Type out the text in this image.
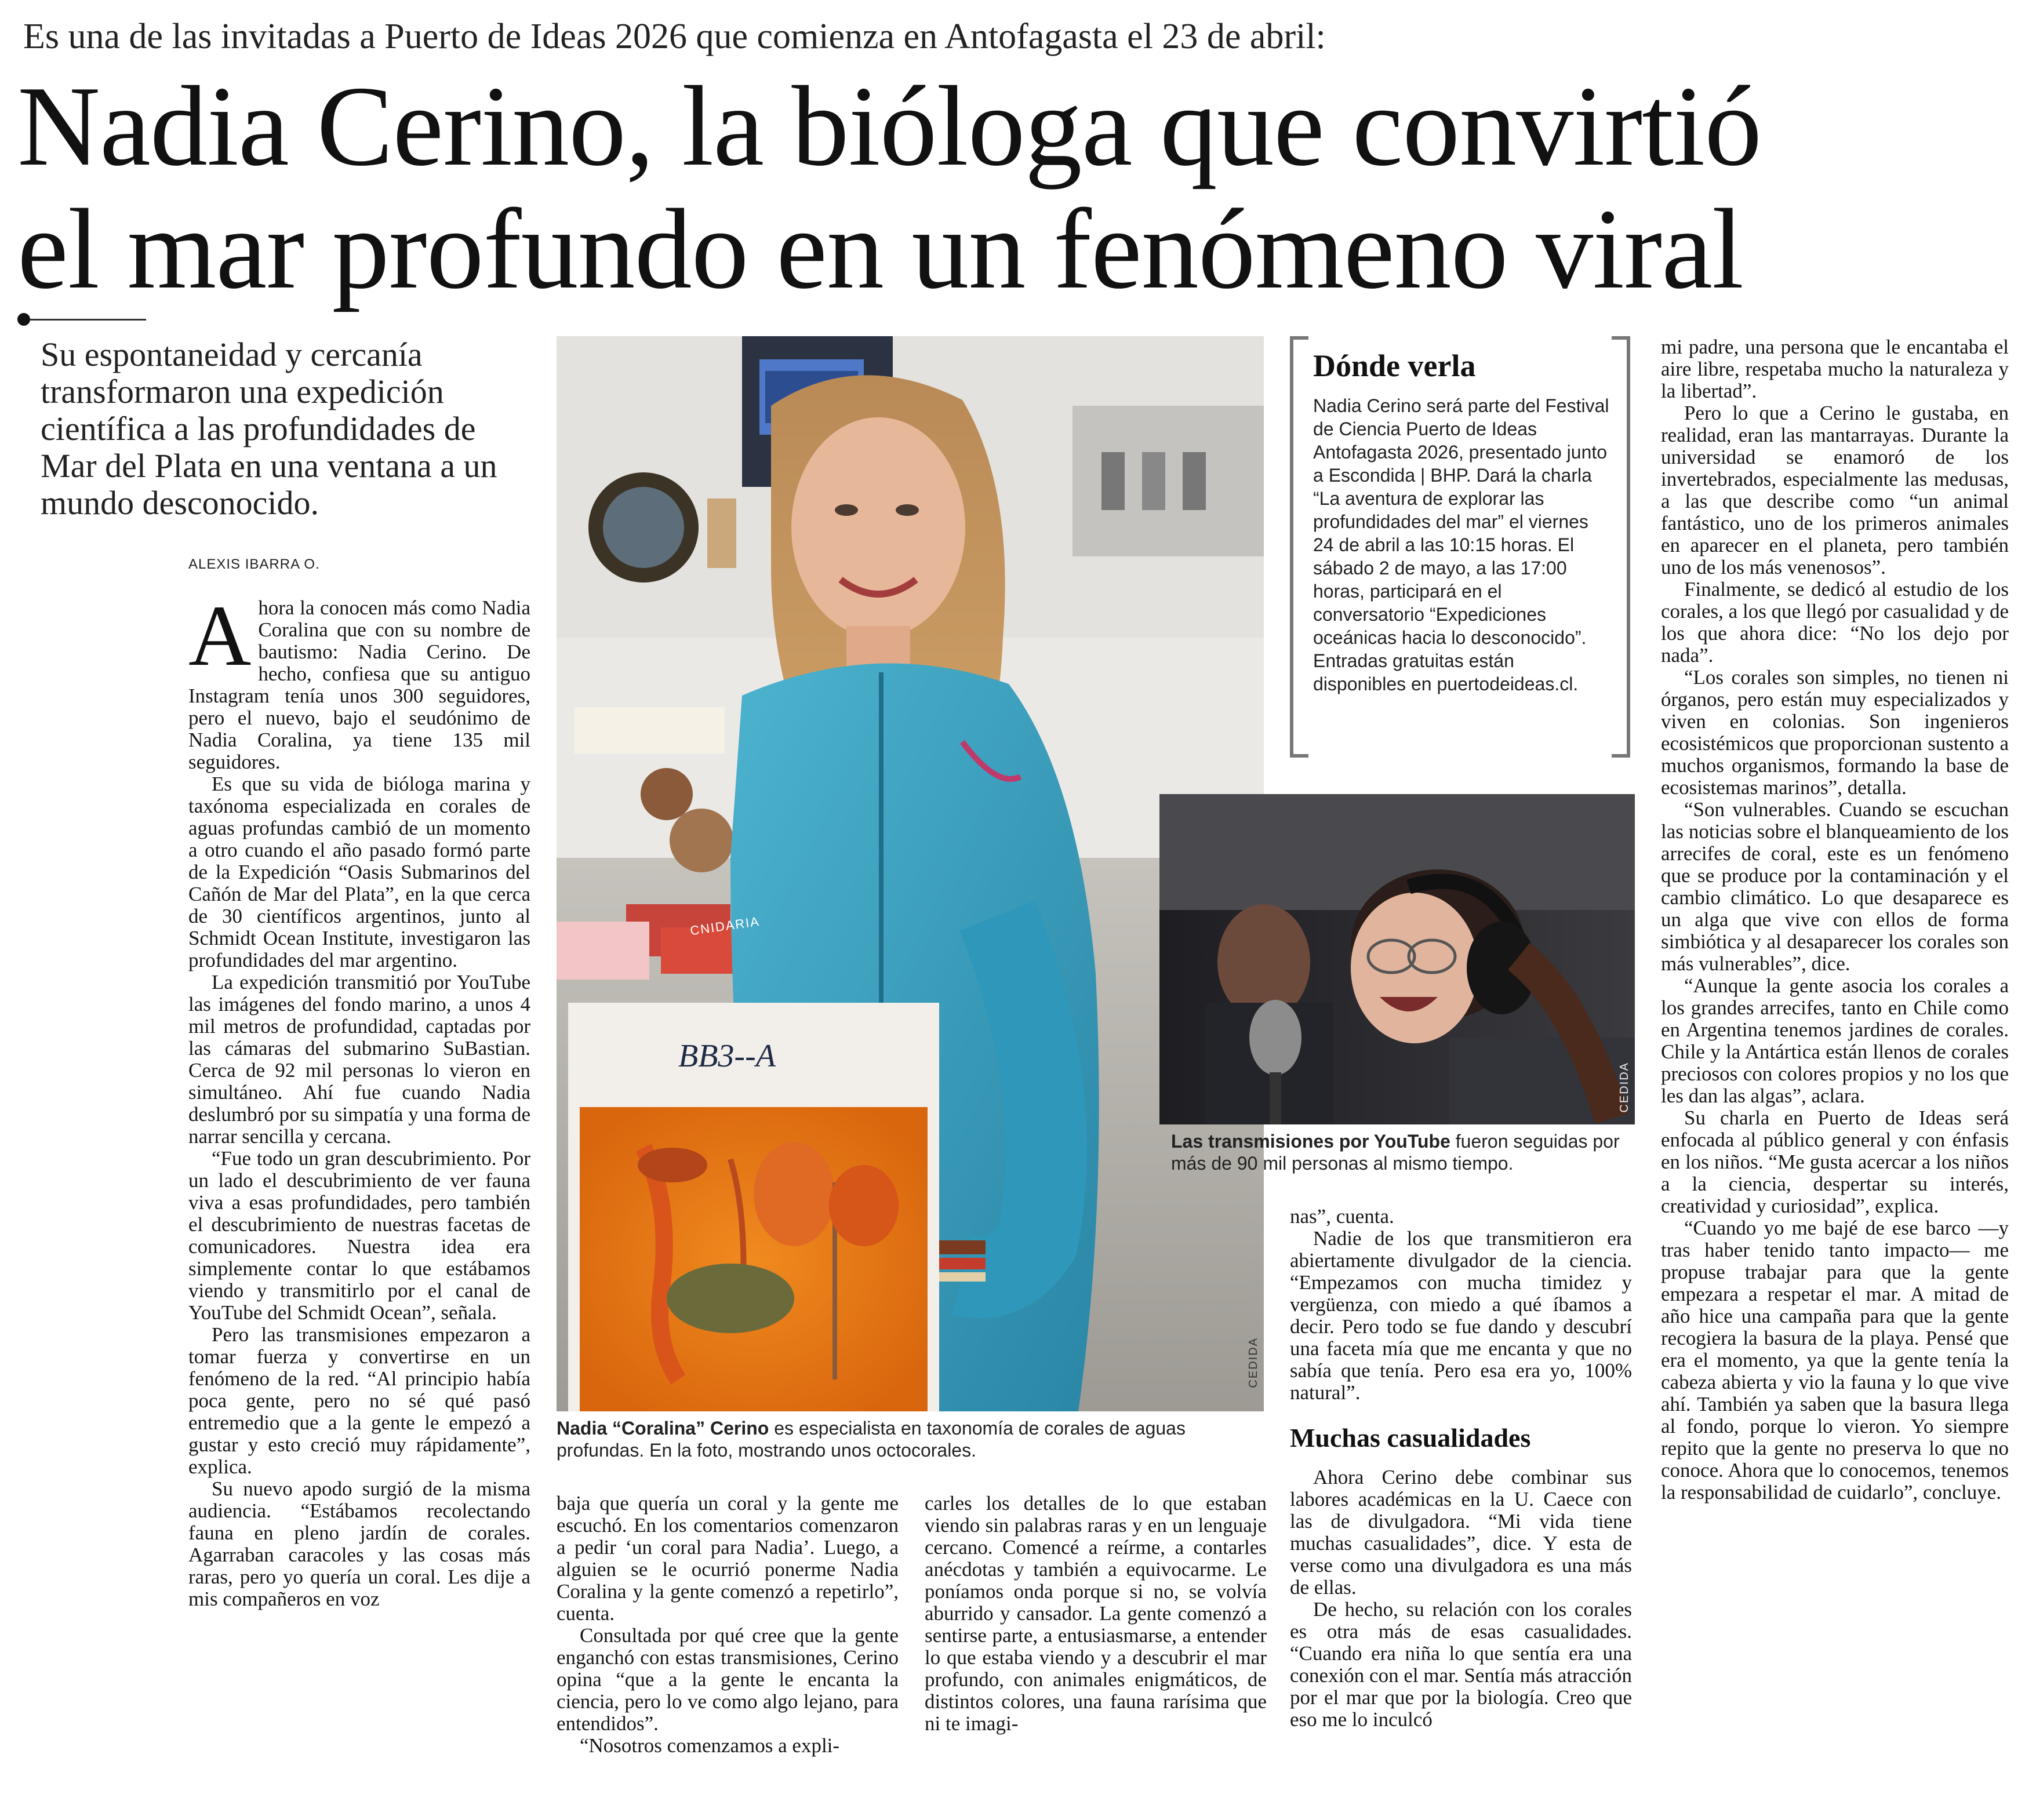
Es una de las invitadas a Puerto de Ideas 2026 que comienza en Antofagasta el 23 de abril:
Nadia Cerino, la bióloga que convirtió
el mar profundo en un fenómeno viral
Su espontaneidad y cercanía transformaron una expedición científica a las profundidades de Mar del Plata en una ventana a un mundo desconocido.
ALEXIS IBARRA O.

Ahora la conocen más como Nadia Coralina que con su nombre de bautismo: Nadia Cerino. De hecho, confiesa que su antiguo Instagram tenía unos 300 seguidores, pero el nuevo, bajo el seudónimo de Nadia Coralina, ya tiene 135 mil seguidores.

Es que su vida de bióloga marina y taxónoma especializada en corales de aguas profundas cambió de un momento a otro cuando el año pasado formó parte de la Expedición “Oasis Submarinos del Cañón de Mar del Plata”, en la que cerca de 30 científicos argentinos, junto al Schmidt Ocean Institute, investigaron las profundidades del mar argentino.

La expedición transmitió por YouTube las imágenes del fondo marino, a unos 4 mil metros de profundidad, captadas por las cámaras del submarino SuBastian. Cerca de 92 mil personas lo vieron en simultáneo. Ahí fue cuando Nadia deslumbró por su simpatía y una forma de narrar sencilla y cercana.

“Fue todo un gran descubrimiento. Por un lado el descubrimiento de ver fauna viva a esas profundidades, pero también el descubrimiento de nuestras facetas de comunicadores. Nuestra idea era simplemente contar lo que estábamos viendo y transmitirlo por el canal de YouTube del Schmidt Ocean”, señala.

Pero las transmisiones empezaron a tomar fuerza y convertirse en un fenómeno de la red. “Al principio había poca gente, pero no sé qué pasó entremedio que a la gente le empezó a gustar y esto creció muy rápidamente”, explica.

Su nuevo apodo surgió de la misma audiencia. “Estábamos recolectando fauna en pleno jardín de corales. Agarraban caracoles y las cosas más raras, pero yo quería un coral. Les dije a mis compañeros en voz

BB3--A
CNIDARIA
CEDIDA
Nadia “Coralina” Cerino es especialista en taxonomía de corales de aguas profundas. En la foto, mostrando unos octocorales.
Dónde verla
Nadia Cerino será parte del Festival de Ciencia Puerto de Ideas Antofagasta 2026, presentado junto a Escondida | BHP. Dará la charla “La aventura de explorar las profundidades del mar” el viernes 24 de abril a las 10:15 horas. El sábado 2 de mayo, a las 17:00 horas, participará en el conversatorio “Expediciones oceánicas hacia lo desconocido”. Entradas gratuitas están disponibles en puertodeideas.cl.
CEDIDA
Las transmisiones por YouTube fueron seguidas por más de 90 mil personas al mismo tiempo.

baja que quería un coral y la gente me escuchó. En los comentarios comenzaron a pedir ‘un coral para Nadia’. Luego, a alguien se le ocurrió ponerme Nadia Coralina y la gente comenzó a repetirlo”, cuenta.

Consultada por qué cree que la gente enganchó con estas transmisiones, Cerino opina “que a la gente le encanta la ciencia, pero lo ve como algo lejano, para entendidos”.

“Nosotros comenzamos a expli-

carles los detalles de lo que estaban viendo sin palabras raras y en un lenguaje cercano. Comencé a reírme, a contarles anécdotas y también a equivocarme. Le poníamos onda porque si no, se volvía aburrido y cansador. La gente comenzó a sentirse parte, a entusiasmarse, a entender lo que estaba viendo y a descubrir el mar profundo, con animales enigmáticos, de distintos colores, una fauna rarísima que ni te imagi-

nas”, cuenta.

Nadie de los que transmitieron era abiertamente divulgador de la ciencia. “Empezamos con mucha timidez y vergüenza, con miedo a qué íbamos a decir. Pero todo se fue dando y descubrí una faceta mía que me encanta y que no sabía que tenía. Pero esa era yo, 100% natural”.

Muchas casualidades

Ahora Cerino debe combinar sus labores académicas en la U. Caece con las de divulgadora. “Mi vida tiene muchas casualidades”, dice. Y esta de verse como una divulgadora es una más de ellas.

De hecho, su relación con los corales es otra más de esas casualidades. “Cuando era niña lo que sentía era una conexión con el mar. Sentía más atracción por el mar que por la biología. Creo que eso me lo inculcó

mi padre, una persona que le encantaba el aire libre, respetaba mucho la naturaleza y la libertad”.

Pero lo que a Cerino le gustaba, en realidad, eran las mantarrayas. Durante la universidad se enamoró de los invertebrados, especialmente las medusas, a las que describe como “un animal fantástico, uno de los primeros animales en aparecer en el planeta, pero también uno de los más venenosos”.

Finalmente, se dedicó al estudio de los corales, a los que llegó por casualidad y de los que ahora dice: “No los dejo por nada”.

“Los corales son simples, no tienen ni órganos, pero están muy especializados y viven en colonias. Son ingenieros ecosistémicos que proporcionan sustento a muchos organismos, formando la base de ecosistemas marinos”, detalla.

“Son vulnerables. Cuando se escuchan las noticias sobre el blanqueamiento de los arrecifes de coral, este es un fenómeno que se produce por la contaminación y el cambio climático. Lo que desaparece es un alga que vive con ellos de forma simbiótica y al desaparecer los corales son más vulnerables”, dice.

“Aunque la gente asocia los corales a los grandes arrecifes, tanto en Chile como en Argentina tenemos jardines de corales. Chile y la Antártica están llenos de corales preciosos con colores propios y no los que les dan las algas”, aclara.

Su charla en Puerto de Ideas será enfocada al público general y con énfasis en los niños. “Me gusta acercar a los niños a la ciencia, despertar su interés, creatividad y curiosidad”, explica.

“Cuando yo me bajé de ese barco —y tras haber tenido tanto impacto— me propuse trabajar para que la gente empezara a respetar el mar. A mitad de año hice una campaña para que la gente recogiera la basura de la playa. Pensé que era el momento, ya que la gente tenía la cabeza abierta y vio la fauna y lo que vive ahí. También ya saben que la basura llega al fondo, porque lo vieron. Yo siempre repito que la gente no preserva lo que no conoce. Ahora que lo conocemos, tenemos la responsabilidad de cuidarlo”, concluye.
